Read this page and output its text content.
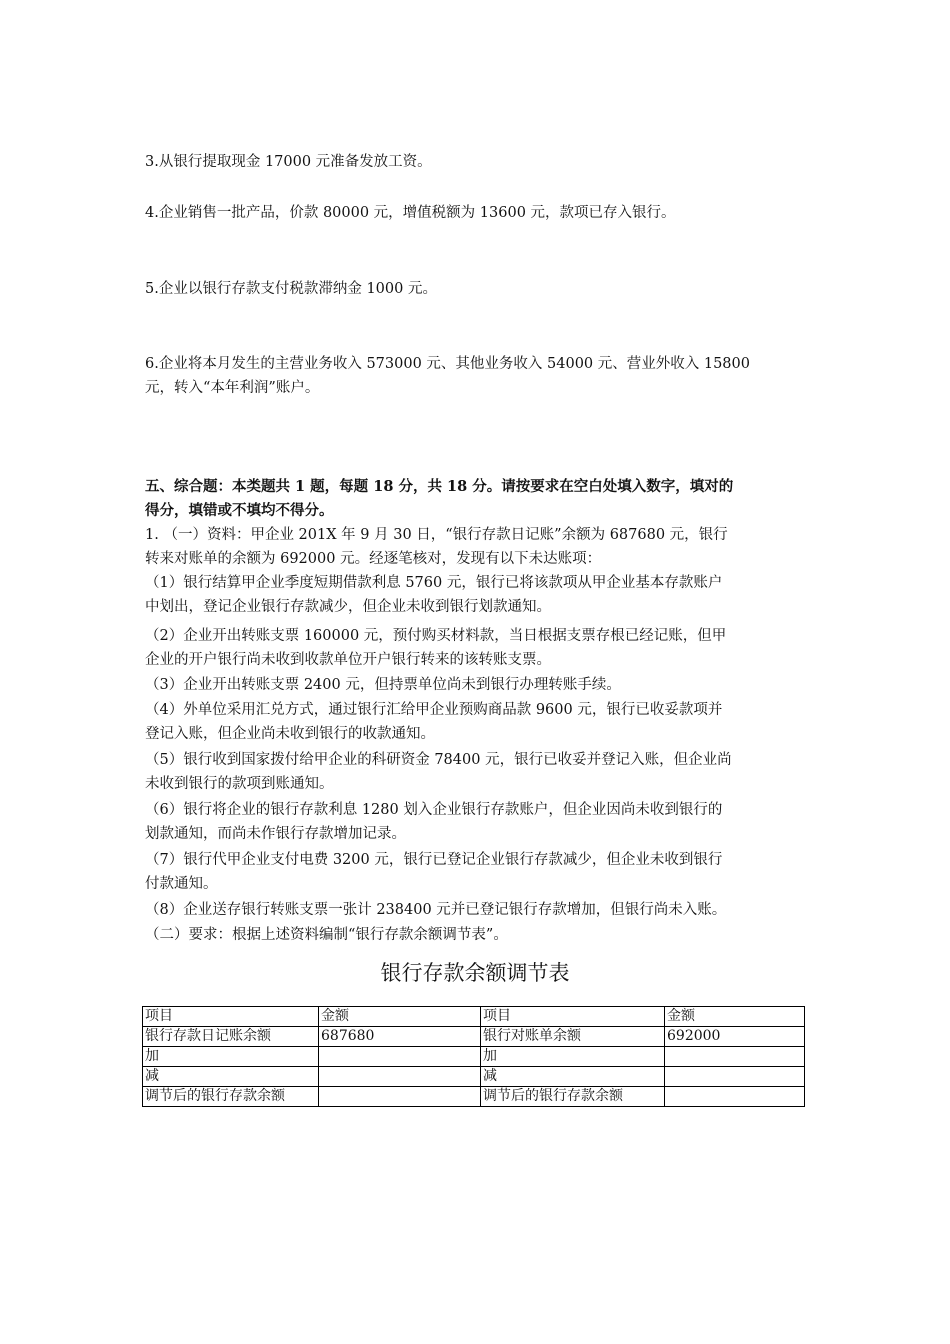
3.从银行提取现金 17000 元准备发放工资。

4.企业销售一批产品，价款 80000 元，增值税额为 13600 元，款项已存入银行。

5.企业以银行存款支付税款滞纳金 1000 元。

6.企业将本月发生的主营业务收入 573000 元、其他业务收入 54000 元、营业外收入 15800

元，转入“本年利润”账户。

五、综合题：本类题共 1 题，每题 18 分，共 18 分。请按要求在空白处填入数字，填对的

得分，填错或不填均不得分。

1. （一）资料：甲企业 201X 年 9 月 30 日，“银行存款日记账”余额为 687680 元，银行

转来对账单的余额为 692000 元。经逐笔核对，发现有以下未达账项：

（1）银行结算甲企业季度短期借款利息 5760 元，银行已将该款项从甲企业基本存款账户

中划出，登记企业银行存款减少，但企业未收到银行划款通知。

（2）企业开出转账支票 160000 元，预付购买材料款，当日根据支票存根已经记账，但甲

企业的开户银行尚未收到收款单位开户银行转来的该转账支票。

（3）企业开出转账支票 2400 元，但持票单位尚未到银行办理转账手续。

（4）外单位采用汇兑方式，通过银行汇给甲企业预购商品款 9600 元，银行已收妥款项并

登记入账，但企业尚未收到银行的收款通知。

（5）银行收到国家拨付给甲企业的科研资金 78400 元，银行已收妥并登记入账，但企业尚

未收到银行的款项到账通知。

（6）银行将企业的银行存款利息 1280 划入企业银行存款账户，但企业因尚未收到银行的

划款通知，而尚未作银行存款增加记录。

（7）银行代甲企业支付电费 3200 元，银行已登记企业银行存款减少，但企业未收到银行

付款通知。

（8）企业送存银行转账支票一张计 238400 元并已登记银行存款增加，但银行尚未入账。

（二）要求：根据上述资料编制“银行存款余额调节表”。

银行存款余额调节表

项目	金额	项目	金额
银行存款日记账余额	687680	银行对账单余额	692000
加		加	
减		减	
调节后的银行存款余额		调节后的银行存款余额	
